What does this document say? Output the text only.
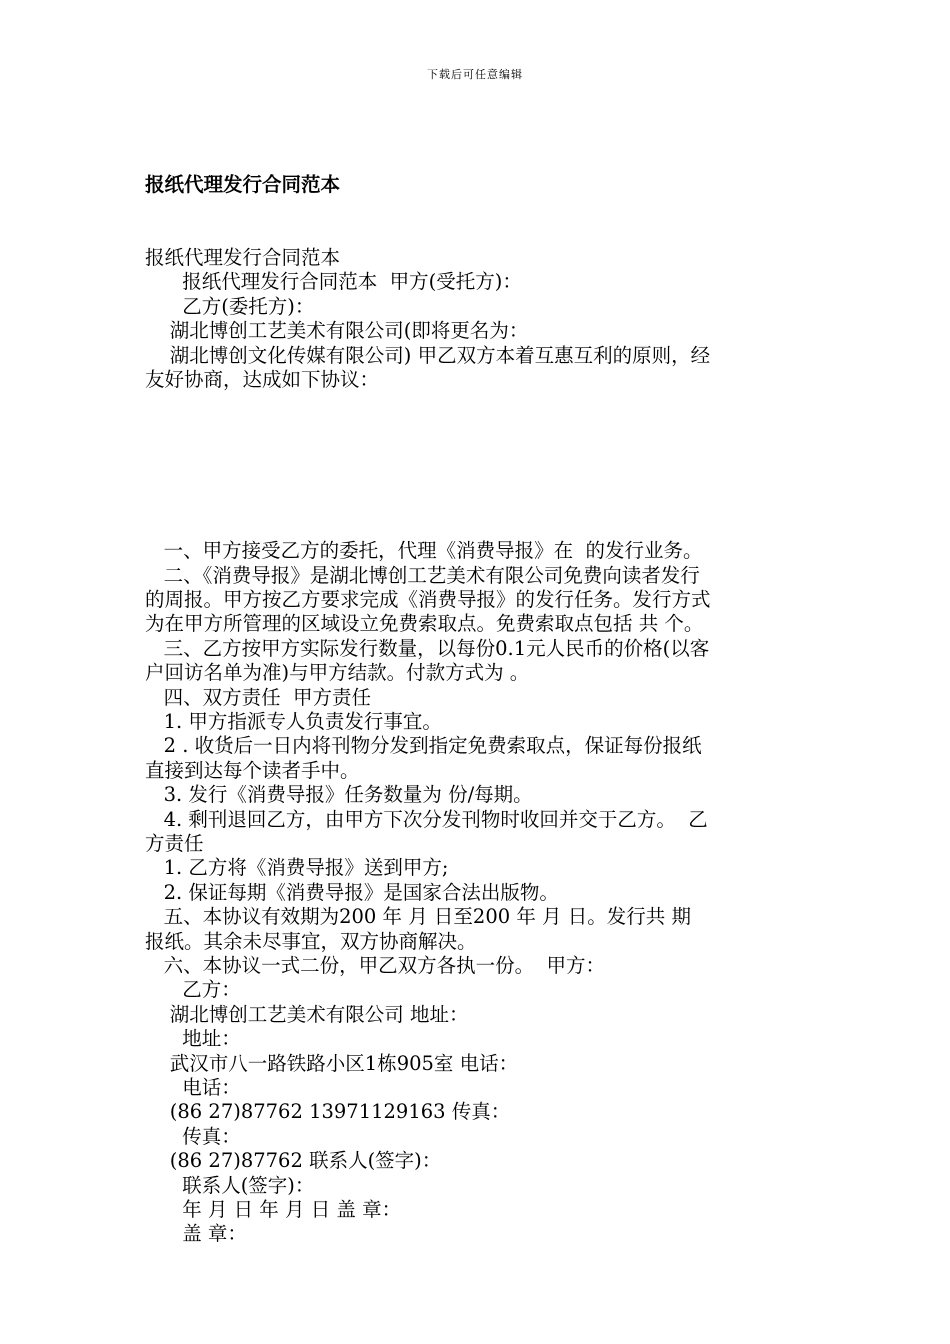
下载后可任意编辑

报纸代理发行合同范本

报纸代理发行合同范本
报纸代理发行合同范本  甲方(受托方)：
乙方(委托方)：
湖北博创工艺美术有限公司(即将更名为：
湖北博创文化传媒有限公司) 甲乙双方本着互惠互利的原则，经
友好协商，达成如下协议：

一、甲方接受乙方的委托，代理《消费导报》在  的发行业务。
二、《消费导报》是湖北博创工艺美术有限公司免费向读者发行
的周报。甲方按乙方要求完成《消费导报》的发行任务。发行方式
为在甲方所管理的区域设立免费索取点。免费索取点包括 共 个。
三、乙方按甲方实际发行数量，以每份0.1元人民币的价格(以客
户回访名单为准)与甲方结款。付款方式为 。
四、双方责任  甲方责任
1. 甲方指派专人负责发行事宜。
2 . 收货后一日内将刊物分发到指定免费索取点，保证每份报纸
直接到达每个读者手中。
3. 发行《消费导报》任务数量为 份/每期。
4. 剩刊退回乙方，由甲方下次分发刊物时收回并交于乙方。  乙
方责任
1. 乙方将《消费导报》送到甲方;
2. 保证每期《消费导报》是国家合法出版物。
五、本协议有效期为200 年 月 日至200 年 月 日。发行共 期
报纸。其余未尽事宜，双方协商解决。
六、本协议一式二份，甲乙双方各执一份。  甲方：
乙方：
湖北博创工艺美术有限公司 地址：
地址：
武汉市八一路铁路小区1栋905室 电话：
电话：
(86 27)87762 13971129163 传真：
传真：
(86 27)87762 联系人(签字)：
联系人(签字)：
年 月 日 年 月 日 盖 章：
盖 章：
